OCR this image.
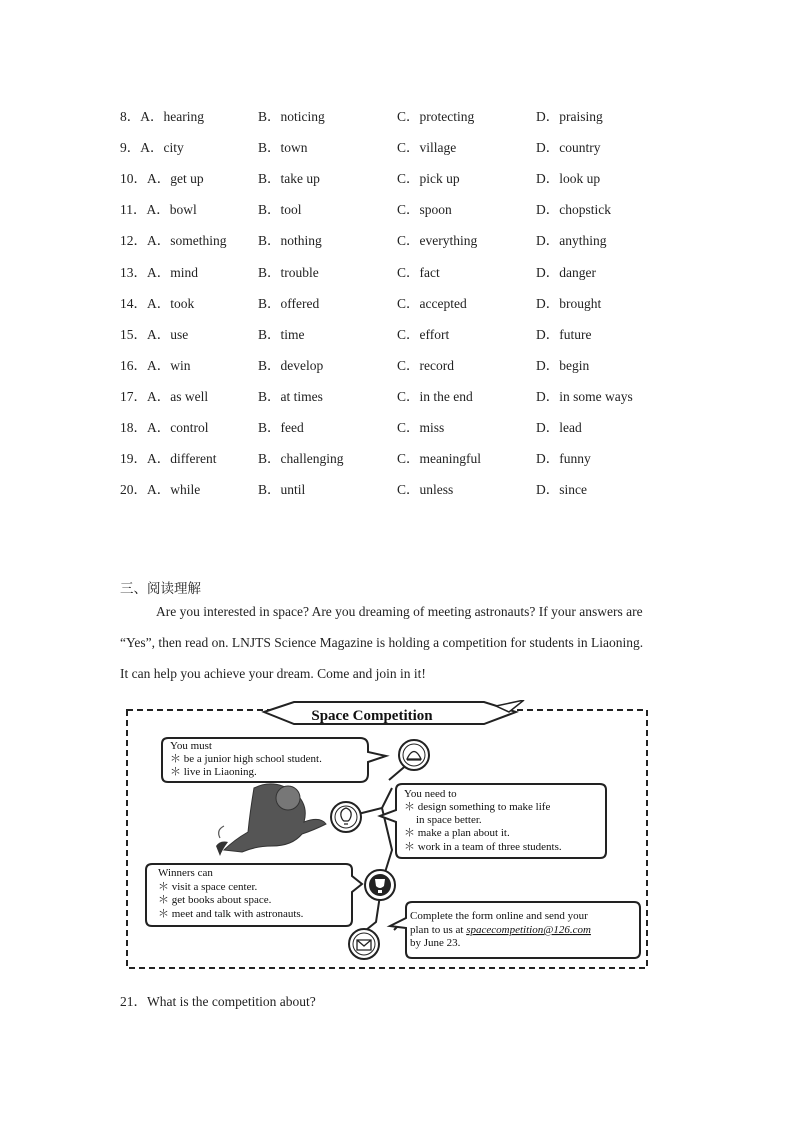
8．A．hearing	B．noticing	C．protecting	D．praising
9．A．city	B．town	C．village	D．country
10．A．get up	B．take up	C．pick up	D．look up
11．A．bowl	B．tool	C．spoon	D．chopstick
12．A．something B．nothing	C．everything	D．anything
13．A．mind	B．trouble	C．fact	D．danger
14．A．took	B．offered	C．accepted	D．brought
15．A．use	B．time	C．effort	D．future
16．A．win	B．develop	C．record	D．begin
17．A．as well	B．at times	C．in the end	D．in some ways
18．A．control	B．feed	C．miss	D．lead
19．A．different	B．challenging	C．meaningful	D．funny
20．A．while	B．until	C．unless	D．since
三、阅读理解
Are you interested in space? Are you dreaming of meeting astronauts? If your answers are
“Yes”, then read on. LNJTS Science Magazine is holding a competition for students in Liaoning.
It can help you achieve your dream. Come and join in it!
Space Competition
You must
＊ be a junior high school student.
＊ live in Liaoning.
You need to
＊ design something to make life
in space better.
＊ make a plan about it.
＊ work in a team of three students.
Winners can
＊ visit a space center.
＊ get books about space.
＊ meet and talk with astronauts.	Complete the form online and send your
plan to us at spacecompetition@126.com
by June 23.
21．What is the competition about?
